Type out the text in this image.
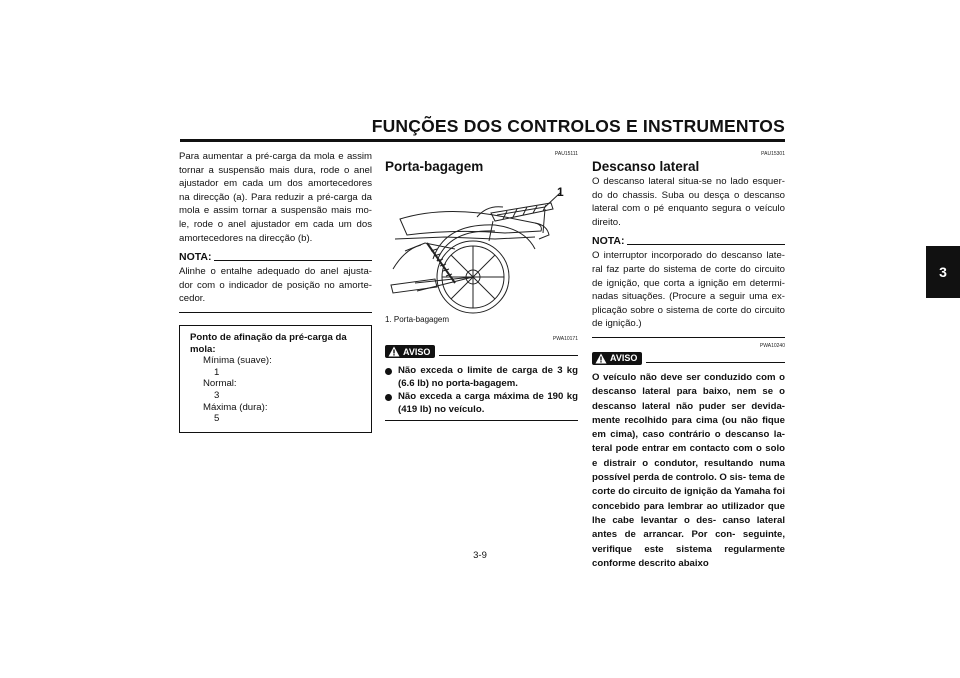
FUNÇÕES DOS CONTROLOS E INSTRUMENTOS
3

Para aumentar a pré-carga da mola e assim tornar a suspensão mais dura, rode o anel ajustador em cada um dos amortecedores na direcção (a). Para reduzir a pré-carga da mola e assim tornar a suspensão mais mo- le, rode o anel ajustador em cada um dos amortecedores na direcção (b).

NOTA:

Alinhe o entalhe adequado do anel ajusta- dor com o indicador de posição no amorte- cedor.

Ponto de afinação da pré-carga da mola:
Mínima (suave):
1
Normal:
3
Máxima (dura):
5
PAU15111
Porta-bagagem
1
1. Porta-bagagem
PWA10171
AVISO
Não exceda o limite de carga de 3 kg (6.6 lb) no porta-bagagem.
Não exceda a carga máxima de 190 kg (419 lb) no veículo.
PAU15301
Descanso lateral

O descanso lateral situa-se no lado esquer- do do chassis. Suba ou desça o descanso lateral com o pé enquanto segura o veículo direito.

NOTA:

O interruptor incorporado do descanso late- ral faz parte do sistema de corte do circuito de ignição, que corta a ignição em determi- nadas situações. (Procure a seguir uma ex- plicação sobre o sistema de corte do circuito de ignição.)

PWA10240
AVISO

O veículo não deve ser conduzido com o descanso lateral para baixo, nem se o descanso lateral não puder ser devida- mente recolhido para cima (ou não fique em cima), caso contrário o descanso la- teral pode entrar em contacto com o solo e distrair o condutor, resultando numa possível perda de controlo. O sis- tema de corte do circuito de ignição da Yamaha foi concebido para lembrar ao utilizador que lhe cabe levantar o des- canso lateral antes de arrancar. Por con- seguinte, verifique este sistema regularmente conforme descrito abaixo

3-9
